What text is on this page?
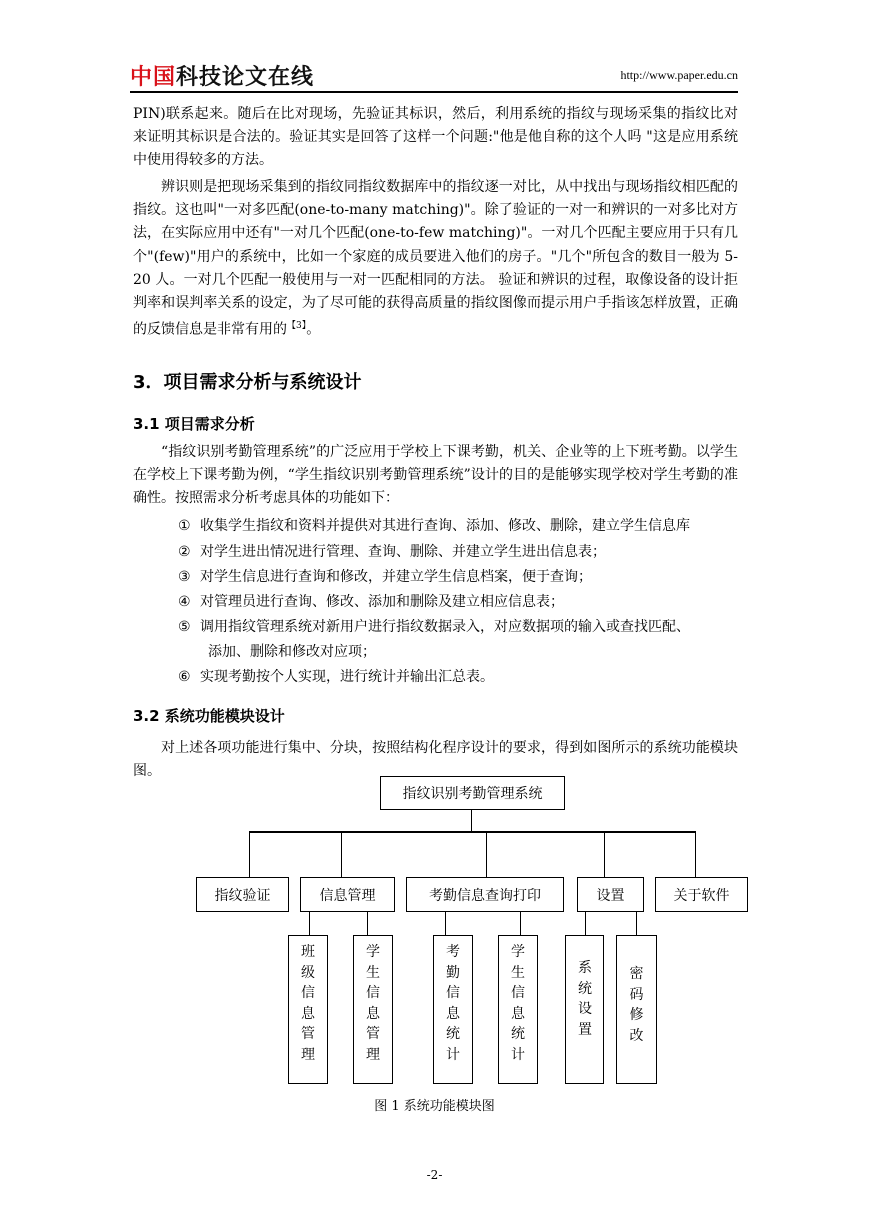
中国科技论文在线	http://www.paper.edu.cn

PIN)联系起来。随后在比对现场，先验证其标识，然后，利用系统的指纹与现场采集的指纹比对来证明其标识是合法的。验证其实是回答了这样一个问题:"他是他自称的这个人吗 "这是应用系统中使用得较多的方法。

辨识则是把现场采集到的指纹同指纹数据库中的指纹逐一对比，从中找出与现场指纹相匹配的指纹。这也叫"一对多匹配(one-to-many matching)"。除了验证的一对一和辨识的一对多比对方法，在实际应用中还有"一对几个匹配(one-to-few matching)"。一对几个匹配主要应用于只有几个"(few)"用户的系统中，比如一个家庭的成员要进入他们的房子。"几个"所包含的数目一般为 5-20 人。一对几个匹配一般使用与一对一匹配相同的方法。 验证和辨识的过程，取像设备的设计拒判率和误判率关系的设定，为了尽可能的获得高质量的指纹图像而提示用户手指该怎样放置，正确的反馈信息是非常有用的$^{【3】}$。

3．项目需求分析与系统设计
3.1 项目需求分析

“指纹识别考勤管理系统”的广泛应用于学校上下课考勤，机关、企业等的上下班考勤。以学生在学校上下课考勤为例，“学生指纹识别考勤管理系统”设计的目的是能够实现学校对学生考勤的准确性。按照需求分析考虑具体的功能如下：

① 收集学生指纹和资料并提供对其进行查询、添加、修改、删除，建立学生信息库

② 对学生进出情况进行管理、查询、删除、并建立学生进出信息表；

③ 对学生信息进行查询和修改，并建立学生信息档案，便于查询；

④ 对管理员进行查询、修改、添加和删除及建立相应信息表；

⑤ 调用指纹管理系统对新用户进行指纹数据录入，对应数据项的输入或查找匹配、

添加、删除和修改对应项；

⑥ 实现考勤按个人实现，进行统计并输出汇总表。

3.2 系统功能模块设计

对上述各项功能进行集中、分块，按照结构化程序设计的要求，得到如图所示的系统功能模块图。

指纹识别考勤管理系统
指纹验证	信息管理	考勤信息查询打印	设置	关于软件
班级信息管理
学生信息管理
考勤信息统计
学生信息统计
系统设置
密码修改

图 1 系统功能模块图

-2-
